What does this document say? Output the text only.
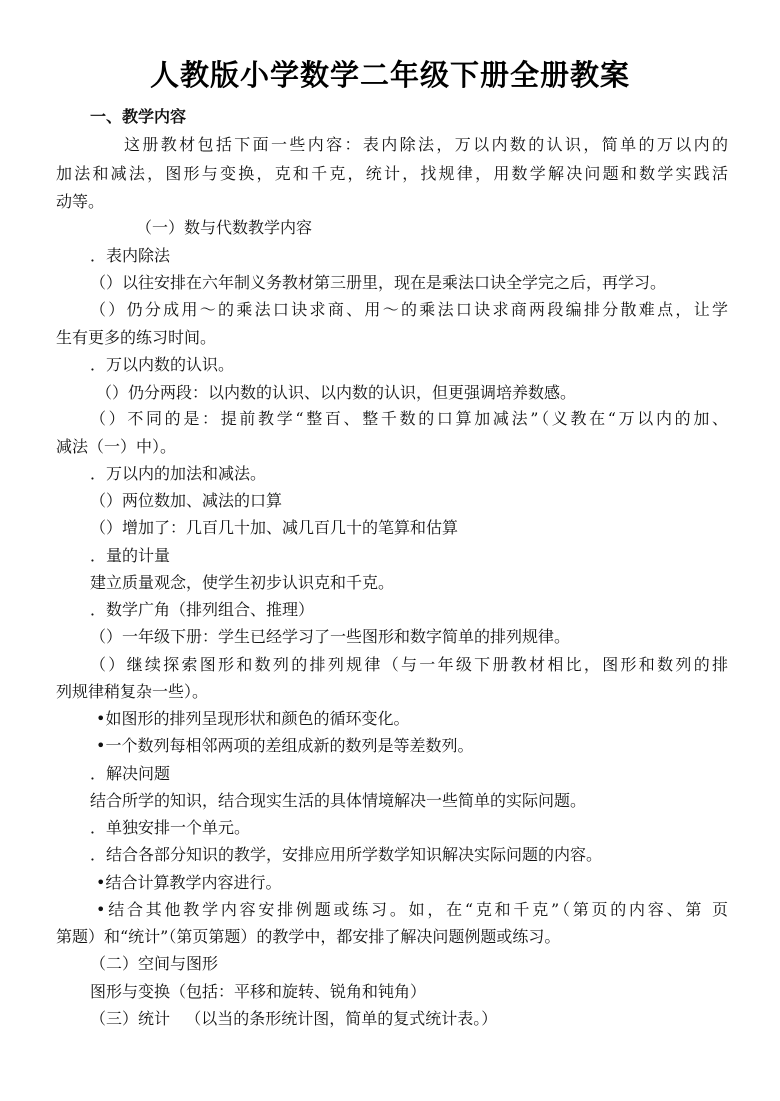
人教版小学数学二年级下册全册教案
一、教学内容
这册教材包括下面一些内容：表内除法，万以内数的认识，简单的万以内的
加法和减法，图形与变换，克和千克，统计，找规律，用数学解决问题和数学实践活
动等。
（一）数与代数教学内容
．表内除法
（）以往安排在六年制义务教材第三册里，现在是乘法口诀全学完之后，再学习。
（）仍分成用～的乘法口诀求商、用～的乘法口诀求商两段编排分散难点，让学
生有更多的练习时间。
．万以内数的认识。
（）仍分两段：以内数的认识、以内数的认识，但更强调培养数感。
（）不同的是：提前教学“整百、整千数的口算加减法”（义教在“万以内的加、
减法（一）中）。
．万以内的加法和减法。
（）两位数加、减法的口算
（）增加了：几百几十加、减几百几十的笔算和估算
．量的计量
建立质量观念，使学生初步认识克和千克。
．数学广角（排列组合、推理）
（）一年级下册：学生已经学习了一些图形和数字简单的排列规律。
（）继续探索图形和数列的排列规律（与一年级下册教材相比，图形和数列的排
列规律稍复杂一些）。
•如图形的排列呈现形状和颜色的循环变化。
•一个数列每相邻两项的差组成新的数列是等差数列。
．解决问题
结合所学的知识，结合现实生活的具体情境解决一些简单的实际问题。
．单独安排一个单元。
．结合各部分知识的教学，安排应用所学数学知识解决实际问题的内容。
•结合计算教学内容进行。
•结合其他教学内容安排例题或练习。如，在“克和千克”（第页的内容、第 页
第题）和“统计”（第页第题）的教学中，都安排了解决问题例题或练习。
（二）空间与图形
图形与变换（包括：平移和旋转、锐角和钝角）
（三）统计   （以当的条形统计图，简单的复式统计表。）
